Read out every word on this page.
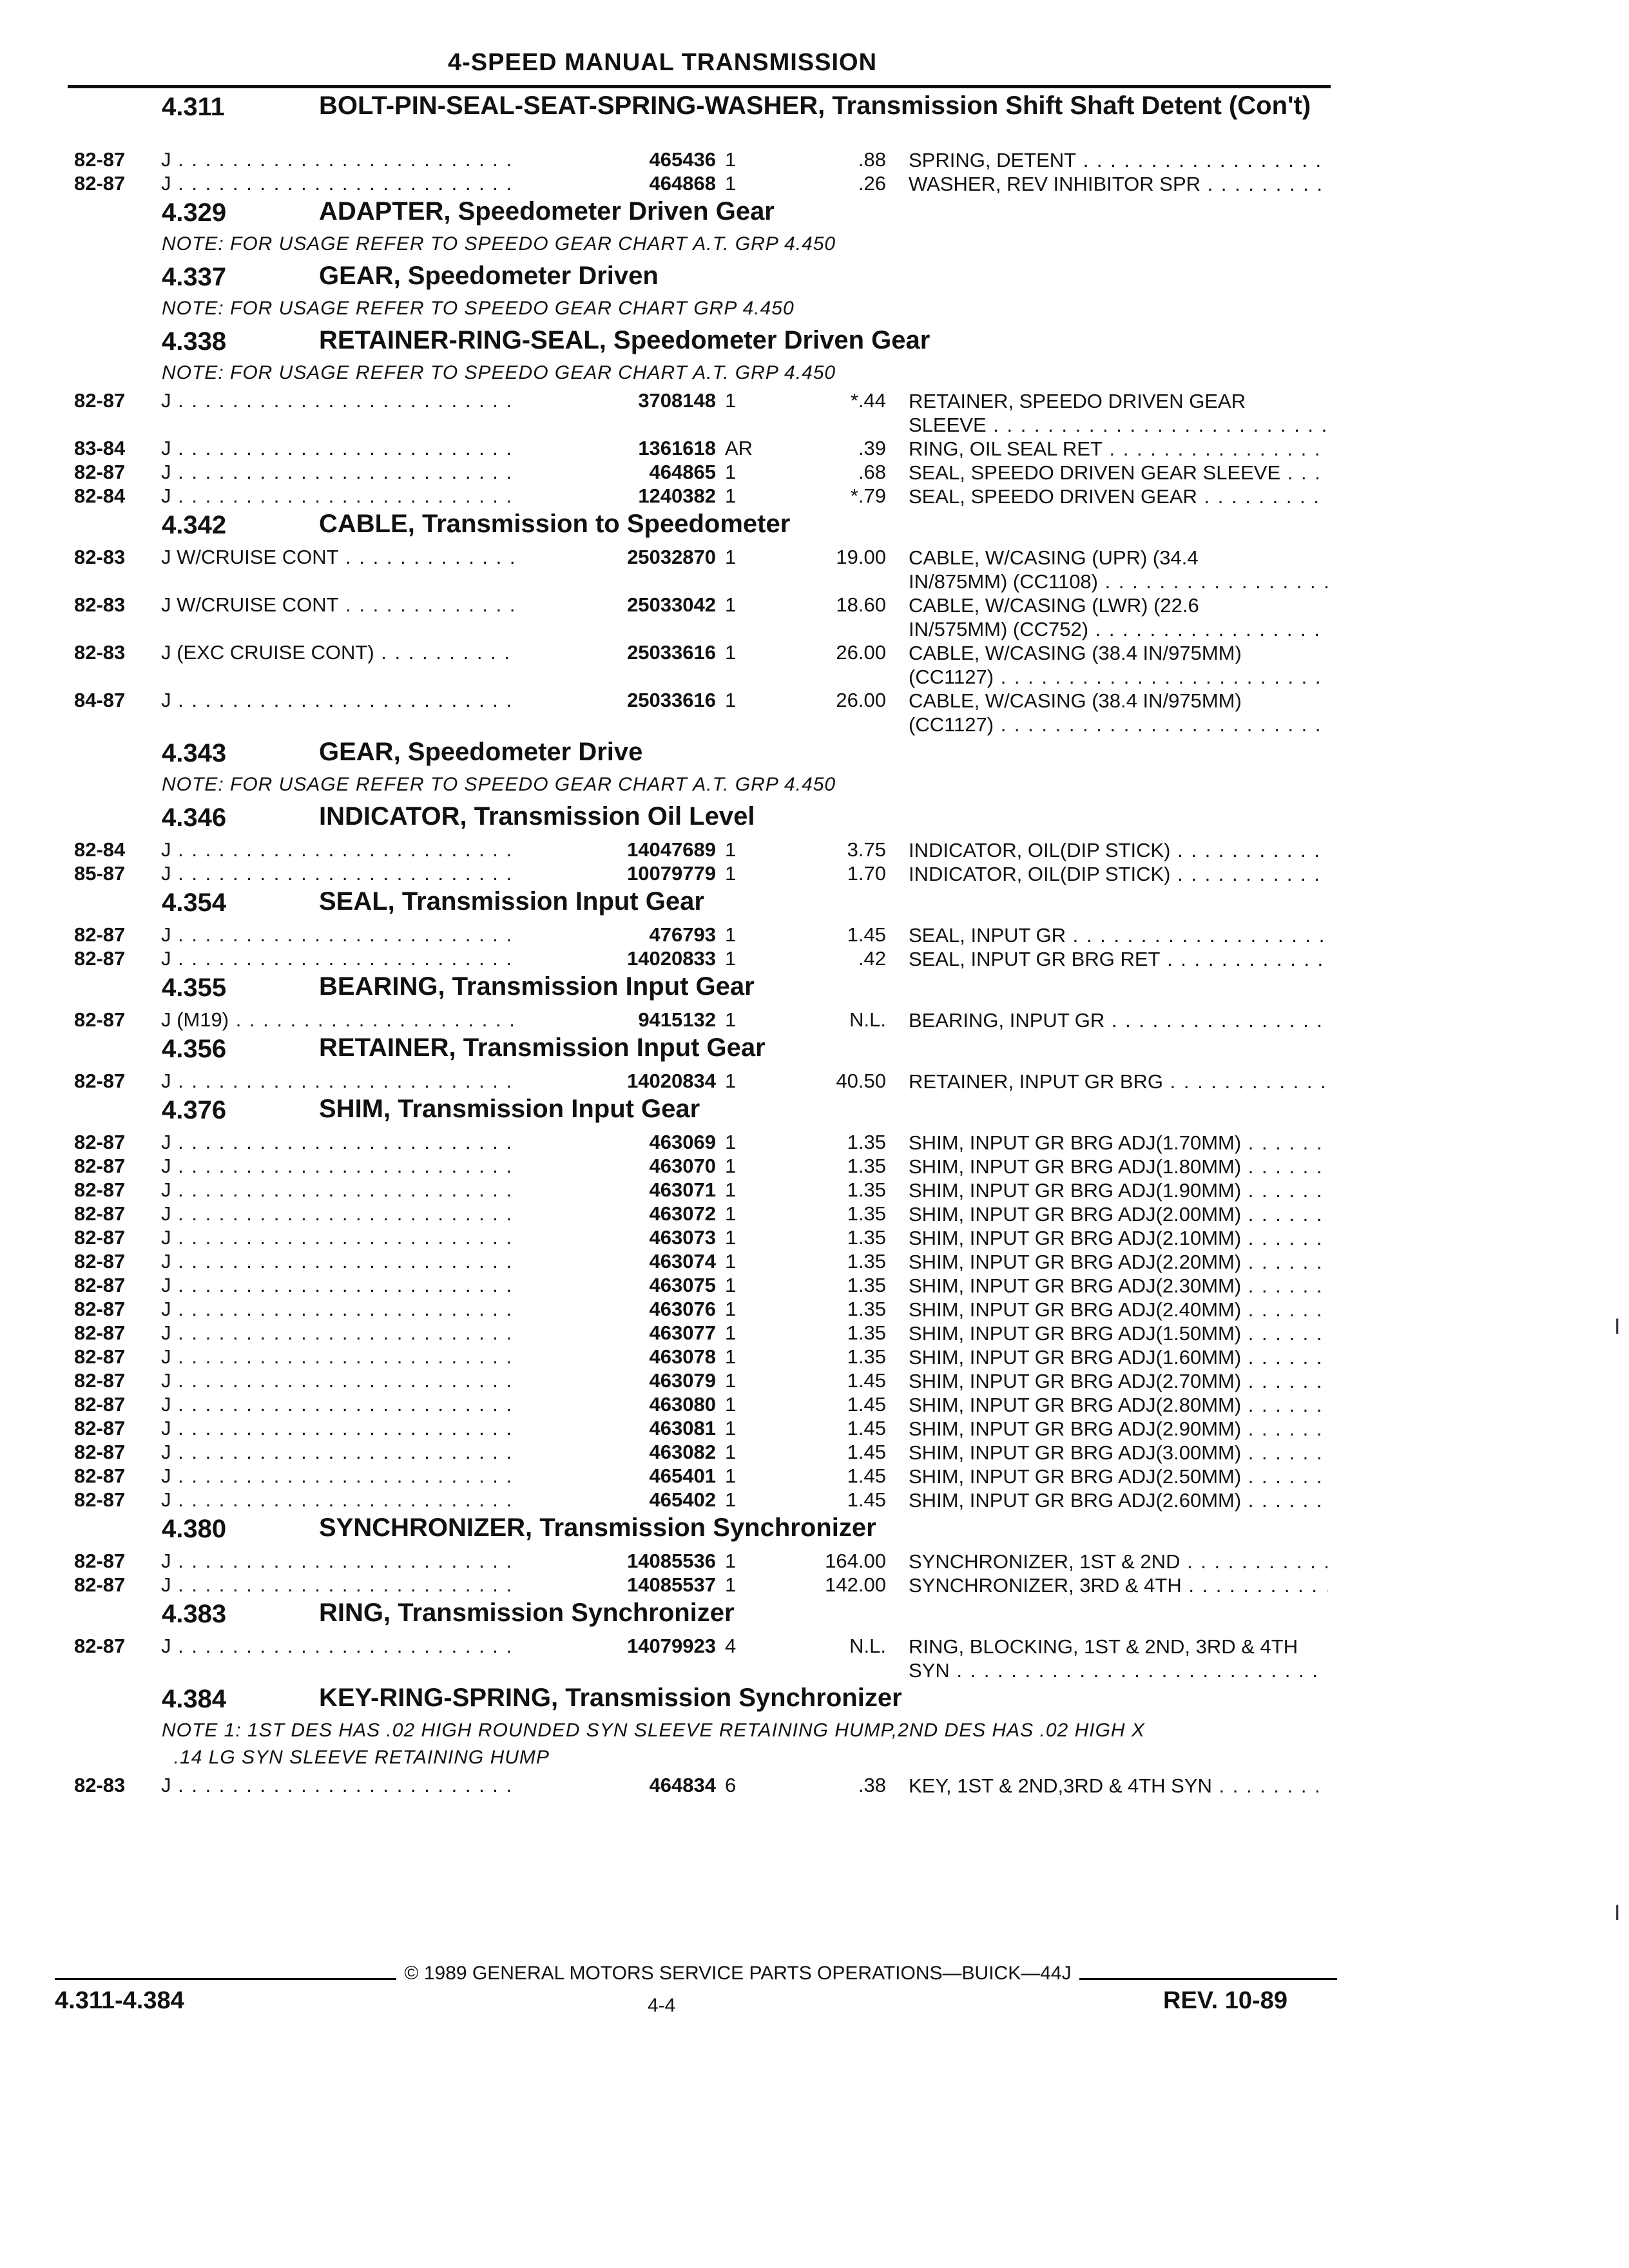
4-SPEED MANUAL TRANSMISSION
4.311	BOLT-PIN-SEAL-SEAT-SPRING-WASHER, Transmission Shift Shaft Detent (Con't)
82-87	J . . .	465436 1	.88 SPRING, DETENT . . .
82-87	J . . .	464868 1	.26 WASHER, REV INHIBITOR SPR . . .
4.329	ADAPTER, Speedometer Driven Gear
NOTE: FOR USAGE REFER TO SPEEDO GEAR CHART A.T. GRP 4.450
4.337	GEAR, Speedometer Driven
NOTE: FOR USAGE REFER TO SPEEDO GEAR CHART GRP 4.450
4.338	RETAINER-RING-SEAL, Speedometer Driven Gear
NOTE: FOR USAGE REFER TO SPEEDO GEAR CHART A.T. GRP 4.450
82-87	J . . .	3708148 1	*.44 RETAINER, SPEEDO DRIVEN GEAR
SLEEVE . . .
83-84	J . . .	1361618 AR	.39 RING, OIL SEAL RET . . .
82-87	J . . .	464865 1	.68 SEAL, SPEEDO DRIVEN GEAR SLEEVE . . .
82-84	J . . .	1240382 1	*.79 SEAL, SPEEDO DRIVEN GEAR . . .
4.342	CABLE, Transmission to Speedometer
82-83	J W/CRUISE CONT . . .	25032870 1	19.00 CABLE, W/CASING (UPR) (34.4
IN/875MM) (CC1108) . . .
82-83	J W/CRUISE CONT . . .	25033042 1	18.60 CABLE, W/CASING (LWR) (22.6
IN/575MM) (CC752) . . .
82-83	J (EXC CRUISE CONT) . . .	25033616 1	26.00 CABLE, W/CASING (38.4 IN/975MM)
(CC1127) . . .
84-87	J . . .	25033616 1	26.00 CABLE, W/CASING (38.4 IN/975MM)
(CC1127) . . .
4.343	GEAR, Speedometer Drive
NOTE: FOR USAGE REFER TO SPEEDO GEAR CHART A.T. GRP 4.450
4.346	INDICATOR, Transmission Oil Level
82-84	J . . .	14047689 1	3.75 INDICATOR, OIL(DIP STICK) . . .
85-87	J . . .	10079779 1	1.70 INDICATOR, OIL(DIP STICK) . . .
4.354	SEAL, Transmission Input Gear
82-87	J . . .	476793 1	1.45 SEAL, INPUT GR . . .
82-87	J . . .	14020833 1	.42 SEAL, INPUT GR BRG RET . . .
4.355	BEARING, Transmission Input Gear
82-87	J (M19) . . .	9415132 1	N.L. BEARING, INPUT GR . . .
4.356	RETAINER, Transmission Input Gear
82-87	J . . .	14020834 1	40.50 RETAINER, INPUT GR BRG . . .
4.376	SHIM, Transmission Input Gear
82-87	J . . .	463069 1	1.35 SHIM, INPUT GR BRG ADJ(1.70MM) . . .
82-87	J . . .	463070 1	1.35 SHIM, INPUT GR BRG ADJ(1.80MM) . . .
82-87	J . . .	463071 1	1.35 SHIM, INPUT GR BRG ADJ(1.90MM) . . .
82-87	J . . .	463072 1	1.35 SHIM, INPUT GR BRG ADJ(2.00MM) . . .
82-87	J . . .	463073 1	1.35 SHIM, INPUT GR BRG ADJ(2.10MM) . . .
82-87	J . . .	463074 1	1.35 SHIM, INPUT GR BRG ADJ(2.20MM) . . .
82-87	J . . .	463075 1	1.35 SHIM, INPUT GR BRG ADJ(2.30MM) . . .
82-87	J . . .	463076 1	1.35 SHIM, INPUT GR BRG ADJ(2.40MM) . . .
82-87	J . . .	463077 1	1.35 SHIM, INPUT GR BRG ADJ(1.50MM) . . .
82-87	J . . .	463078 1	1.35 SHIM, INPUT GR BRG ADJ(1.60MM) . . .
82-87	J . . .	463079 1	1.45 SHIM, INPUT GR BRG ADJ(2.70MM) . . .
82-87	J . . .	463080 1	1.45 SHIM, INPUT GR BRG ADJ(2.80MM) . . .
82-87	J . . .	463081 1	1.45 SHIM, INPUT GR BRG ADJ(2.90MM) . . .
82-87	J . . .	463082 1	1.45 SHIM, INPUT GR BRG ADJ(3.00MM) . . .
82-87	J . . .	465401 1	1.45 SHIM, INPUT GR BRG ADJ(2.50MM) . . .
82-87	J . . .	465402 1	1.45 SHIM, INPUT GR BRG ADJ(2.60MM) . . .
4.380	SYNCHRONIZER, Transmission Synchronizer
82-87	J . . .	14085536 1	164.00 SYNCHRONIZER, 1ST & 2ND . . .
82-87	J . . .	14085537 1	142.00 SYNCHRONIZER, 3RD & 4TH . . .
4.383	RING, Transmission Synchronizer
82-87	J . . .	14079923 4	N.L. RING, BLOCKING, 1ST & 2ND, 3RD & 4TH
SYN . . .
4.384	KEY-RING-SPRING, Transmission Synchronizer
NOTE 1: 1ST DES HAS .02 HIGH ROUNDED SYN SLEEVE RETAINING HUMP,2ND DES HAS .02 HIGH X
.14 LG SYN SLEEVE RETAINING HUMP
82-83	J . . .	464834 6	.38 KEY, 1ST & 2ND,3RD & 4TH SYN . . .
© 1989 GENERAL MOTORS SERVICE PARTS OPERATIONS—BUICK—44J
4.311-4.384	4-4	REV. 10-89
I
I
